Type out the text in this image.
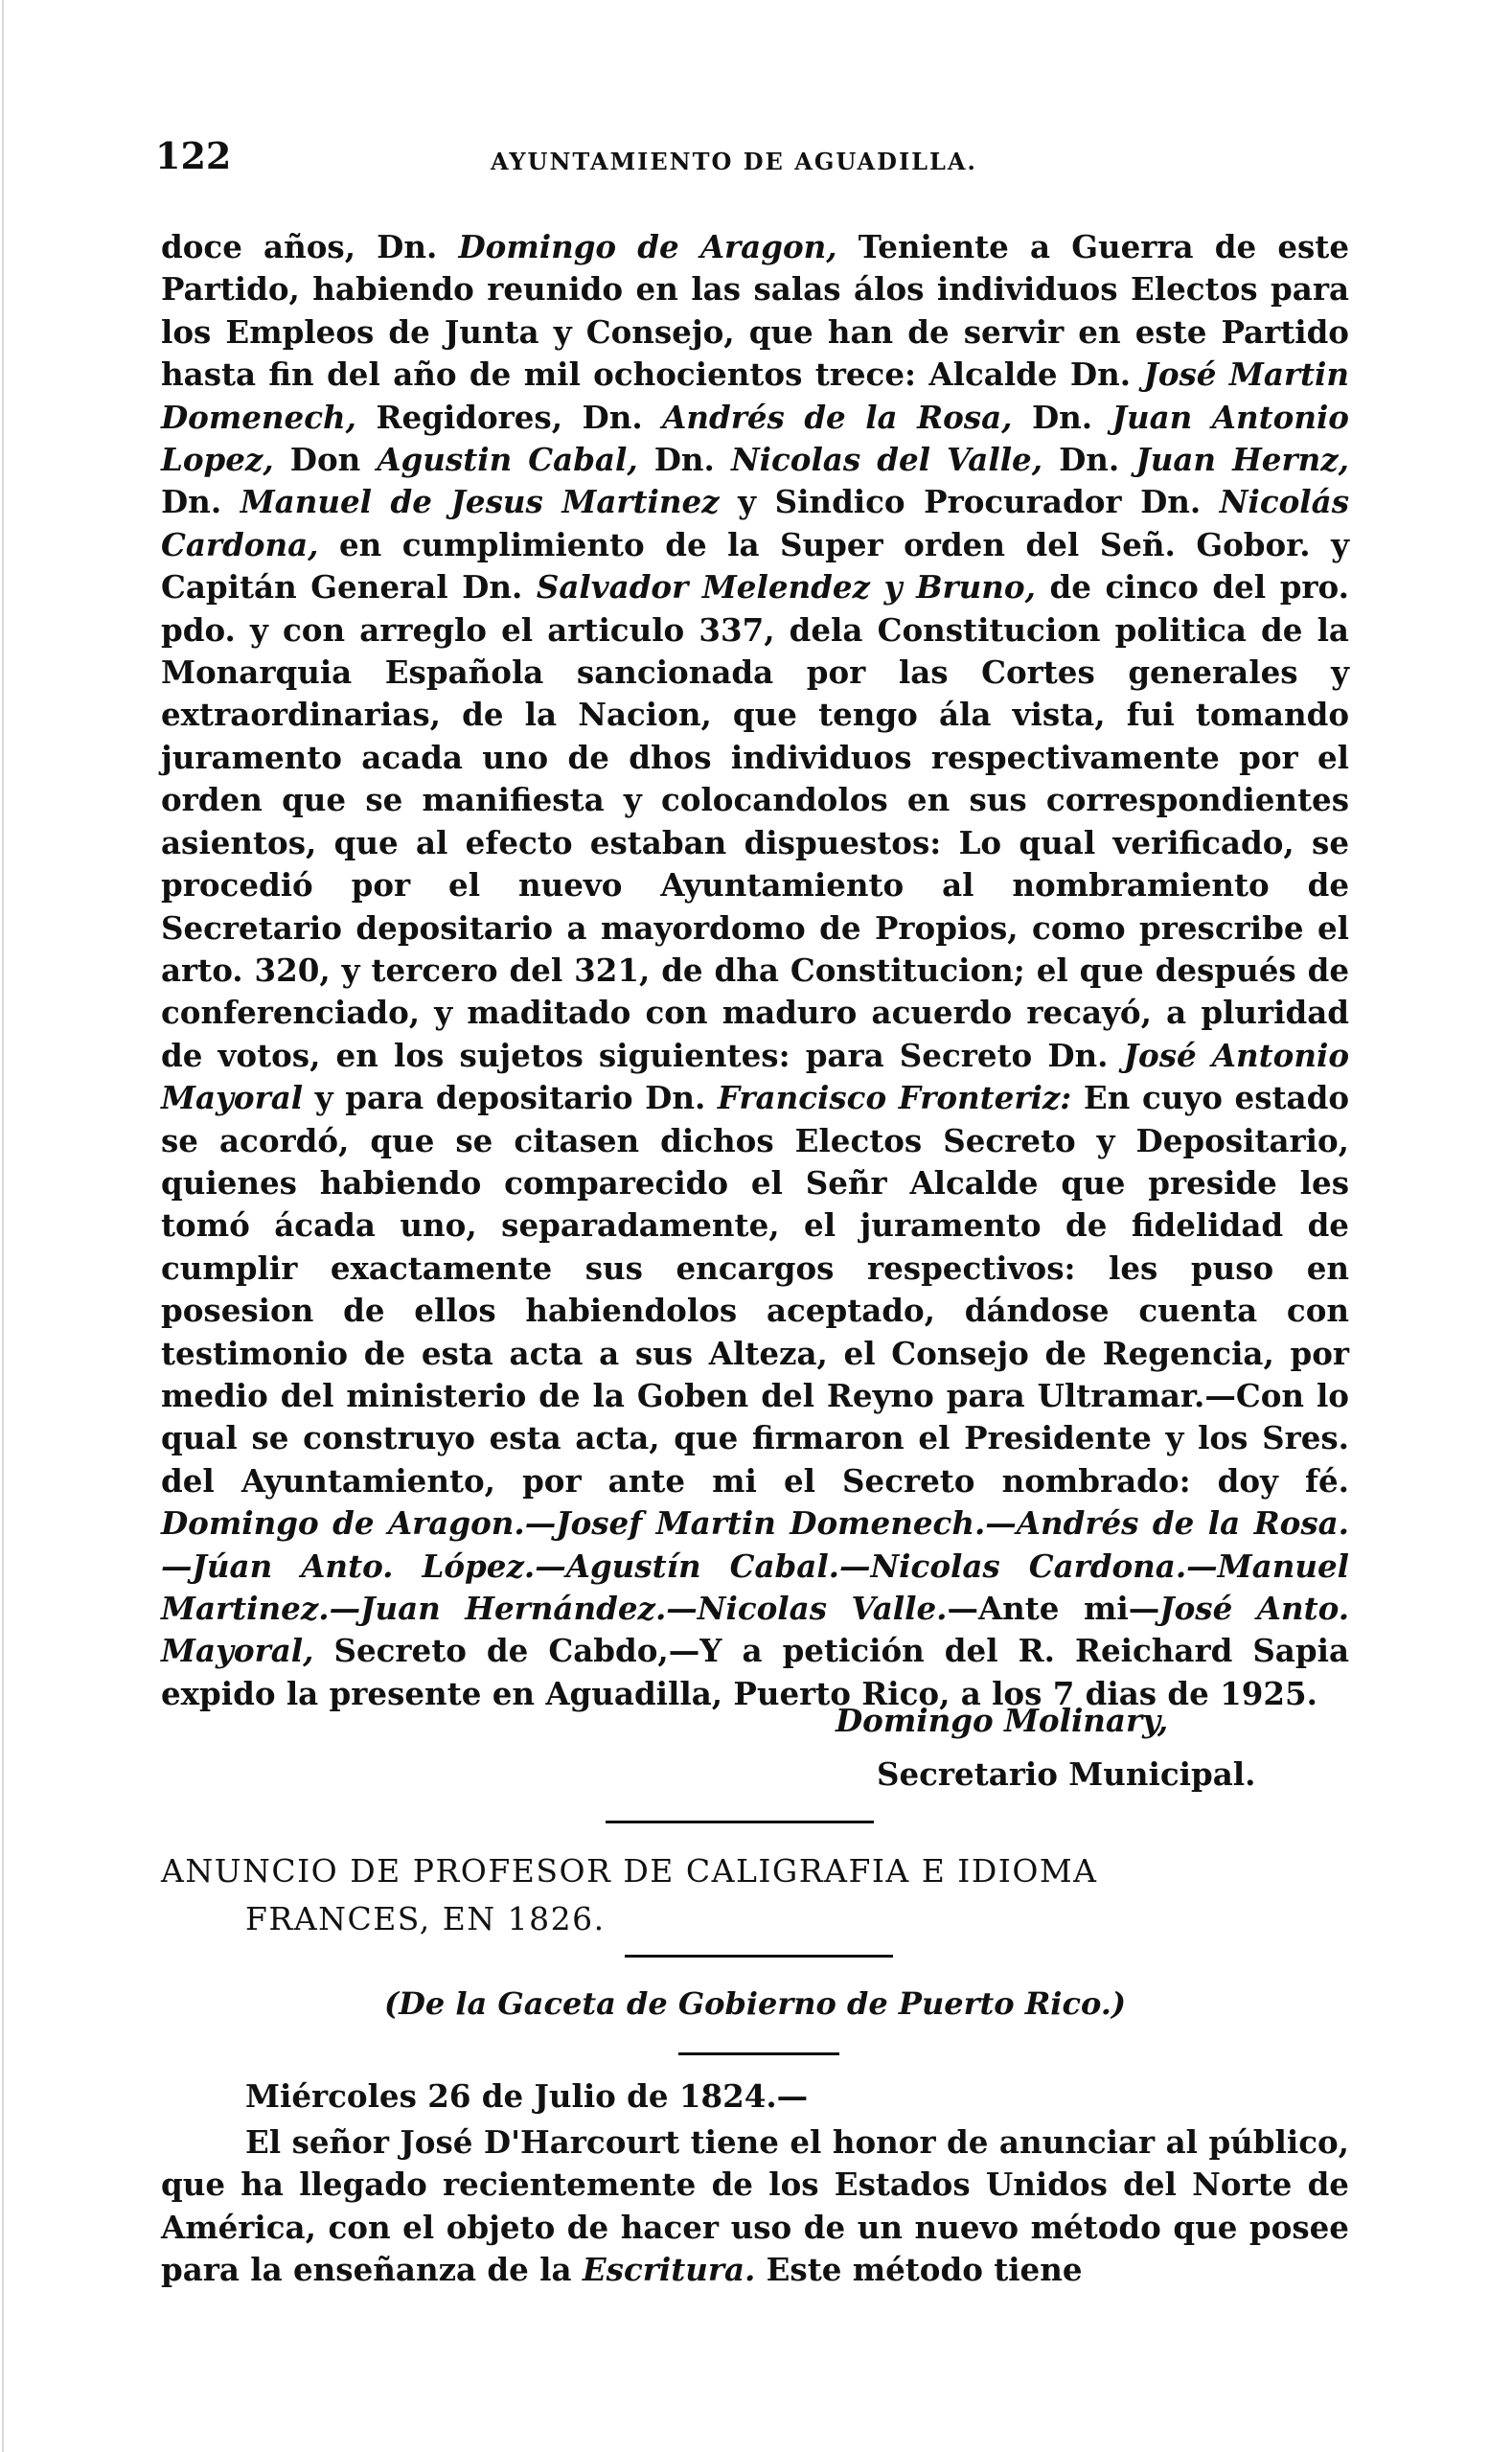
122	AYUNTAMIENTO DE AGUADILLA.

doce años, Dn. Domingo de Aragon, Teniente a Guerra de este Partido, habiendo reunido en las salas álos individuos Electos para los Empleos de Junta y Consejo, que han de servir en este Partido hasta fin del año de mil ochocientos trece: Alcalde Dn. José Martin Domenech, Regidores, Dn. Andrés de la Rosa, Dn. Juan Antonio Lopez, Don Agustin Cabal, Dn. Nicolas del Valle, Dn. Juan Hernz, Dn. Manuel de Jesus Martinez y Sindico Procurador Dn. Nicolás Cardona, en cumplimiento de la Super orden del Señ. Gobor. y Capitán General Dn. Salvador Melendez y Bruno, de cinco del pro. pdo. y con arreglo el articulo 337, dela Constitucion politica de la Monarquia Española sancionada por las Cortes generales y extraordinarias, de la Nacion, que tengo ála vista, fui tomando juramento acada uno de dhos individuos respectivamente por el orden que se manifiesta y colocandolos en sus correspondientes asientos, que al efecto estaban dispuestos: Lo qual verificado, se procedió por el nuevo Ayuntamiento al nombramiento de Secretario depositario a mayordomo de Propios, como prescribe el arto. 320, y tercero del 321, de dha Constitucion; el que después de conferenciado, y maditado con maduro acuerdo recayó, a pluridad de votos, en los sujetos siguientes: para Secreto Dn. José Antonio Mayoral y para depositario Dn. Francisco Fronteriz: En cuyo estado se acordó, que se citasen dichos Electos Secreto y Depositario, quienes habiendo comparecido el Señr Alcalde que preside les tomó ácada uno, separadamente, el juramento de fidelidad de cumplir exactamente sus encargos respectivos: les puso en posesion de ellos habiendolos aceptado, dándose cuenta con testimonio de esta acta a sus Alteza, el Consejo de Regencia, por medio del ministerio de la Goben del Reyno para Ultramar.—Con lo qual se construyo esta acta, que firmaron el Presidente y los Sres. del Ayuntamiento, por ante mi el Secreto nombrado: doy fé. Domingo de Aragon.—Josef Martin Domenech.—Andrés de la Rosa.—Júan Anto. López.—Agustín Cabal.—Nicolas Cardona.—Manuel Martinez.—Juan Hernández.—Nicolas Valle.—Ante mi—José Anto. Mayoral, Secreto de Cabdo,—Y a petición del R. Reichard Sapia expido la presente en Aguadilla, Puerto Rico, a los 7 dias de 1925.

Domingo Molinary,
Secretario Municipal.
ANUNCIO DE PROFESOR DE CALIGRAFIA E IDIOMA
FRANCES, EN 1826.
(De la Gaceta de Gobierno de Puerto Rico.)
Miércoles 26 de Julio de 1824.—
El señor José D'Harcourt tiene el honor de anunciar al público, que ha llegado recientemente de los Estados Unidos del Norte de América, con el objeto de hacer uso de un nuevo método que posee para la enseñanza de la Escritura. Este método tiene
